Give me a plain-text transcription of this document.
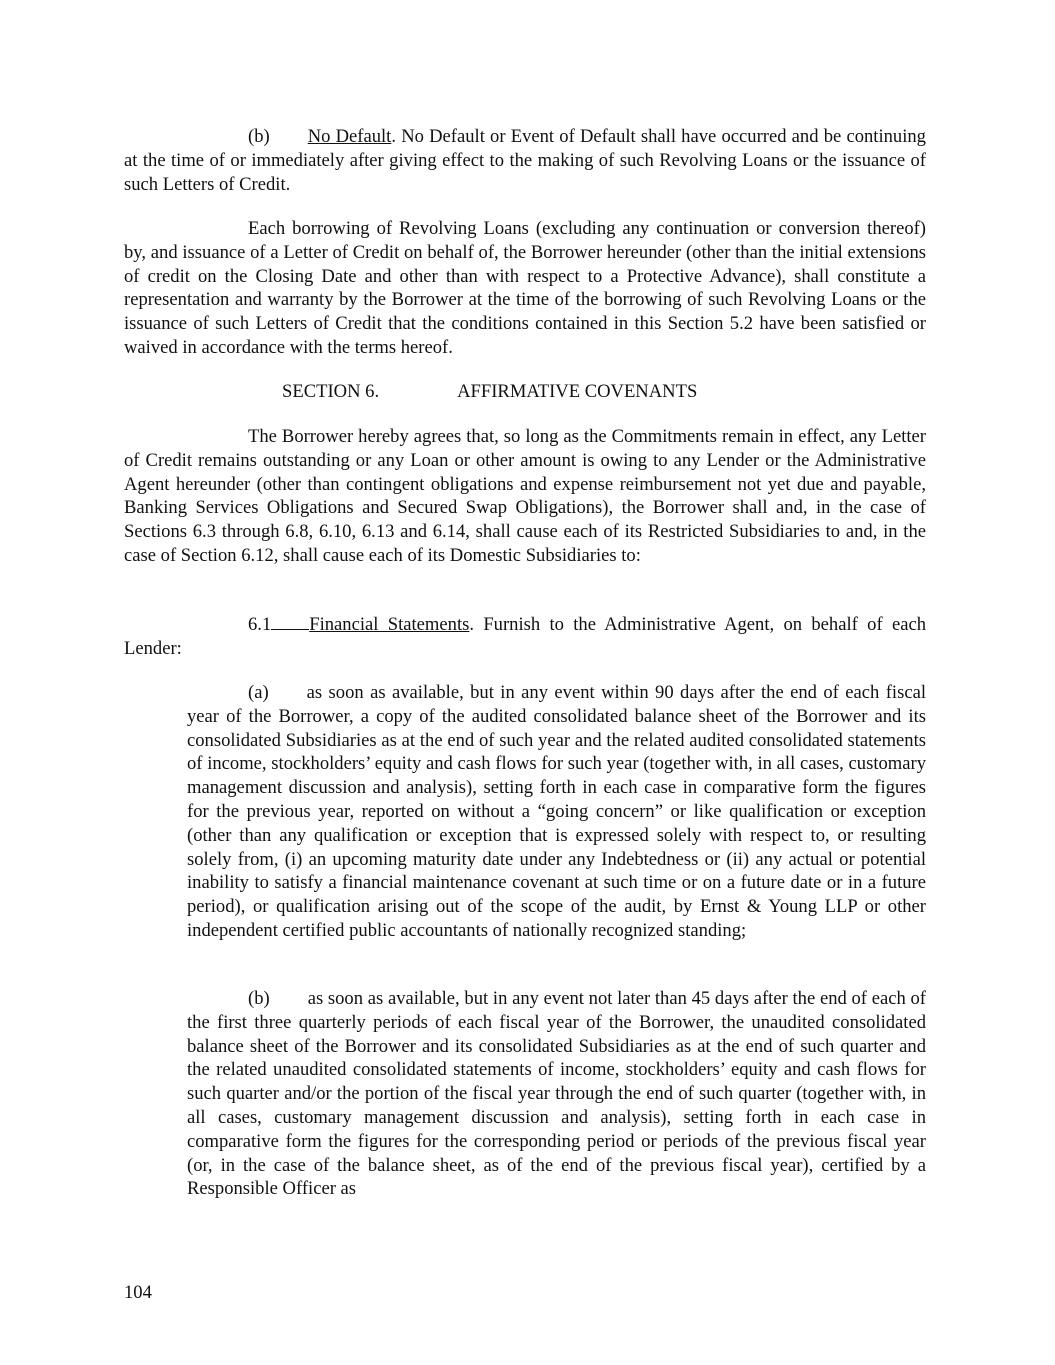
(b) No Default. No Default or Event of Default shall have occurred and be continuing at the time of or immediately after giving effect to the making of such Revolving Loans or the issuance of such Letters of Credit.

Each borrowing of Revolving Loans (excluding any continuation or conversion thereof) by, and issuance of a Letter of Credit on behalf of, the Borrower hereunder (other than the initial extensions of credit on the Closing Date and other than with respect to a Protective Advance), shall constitute a representation and warranty by the Borrower at the time of the borrowing of such Revolving Loans or the issuance of such Letters of Credit that the conditions contained in this Section 5.2 have been satisfied or waived in accordance with the terms hereof.

SECTION 6.	AFFIRMATIVE COVENANTS

The Borrower hereby agrees that, so long as the Commitments remain in effect, any Letter of Credit remains outstanding or any Loan or other amount is owing to any Lender or the Administrative Agent hereunder (other than contingent obligations and expense reimbursement not yet due and payable, Banking Services Obligations and Secured Swap Obligations), the Borrower shall and, in the case of Sections 6.3 through 6.8, 6.10, 6.13 and 6.14, shall cause each of its Restricted Subsidiaries to and, in the case of Section 6.12, shall cause each of its Domestic Subsidiaries to:

6.1 Financial Statements. Furnish to the Administrative Agent, on behalf of each Lender:

(a) as soon as available, but in any event within 90 days after the end of each fiscal year of the Borrower, a copy of the audited consolidated balance sheet of the Borrower and its consolidated Subsidiaries as at the end of such year and the related audited consolidated statements of income, stockholders’ equity and cash flows for such year (together with, in all cases, customary management discussion and analysis), setting forth in each case in comparative form the figures for the previous year, reported on without a “going concern” or like qualification or exception (other than any qualification or exception that is expressed solely with respect to, or resulting solely from, (i) an upcoming maturity date under any Indebtedness or (ii) any actual or potential inability to satisfy a financial maintenance covenant at such time or on a future date or in a future period), or qualification arising out of the scope of the audit, by Ernst & Young LLP or other independent certified public accountants of nationally recognized standing;

(b) as soon as available, but in any event not later than 45 days after the end of each of the first three quarterly periods of each fiscal year of the Borrower, the unaudited consolidated balance sheet of the Borrower and its consolidated Subsidiaries as at the end of such quarter and the related unaudited consolidated statements of income, stockholders’ equity and cash flows for such quarter and/or the portion of the fiscal year through the end of such quarter (together with, in all cases, customary management discussion and analysis), setting forth in each case in comparative form the figures for the corresponding period or periods of the previous fiscal year (or, in the case of the balance sheet, as of the end of the previous fiscal year), certified by a Responsible Officer as

104
